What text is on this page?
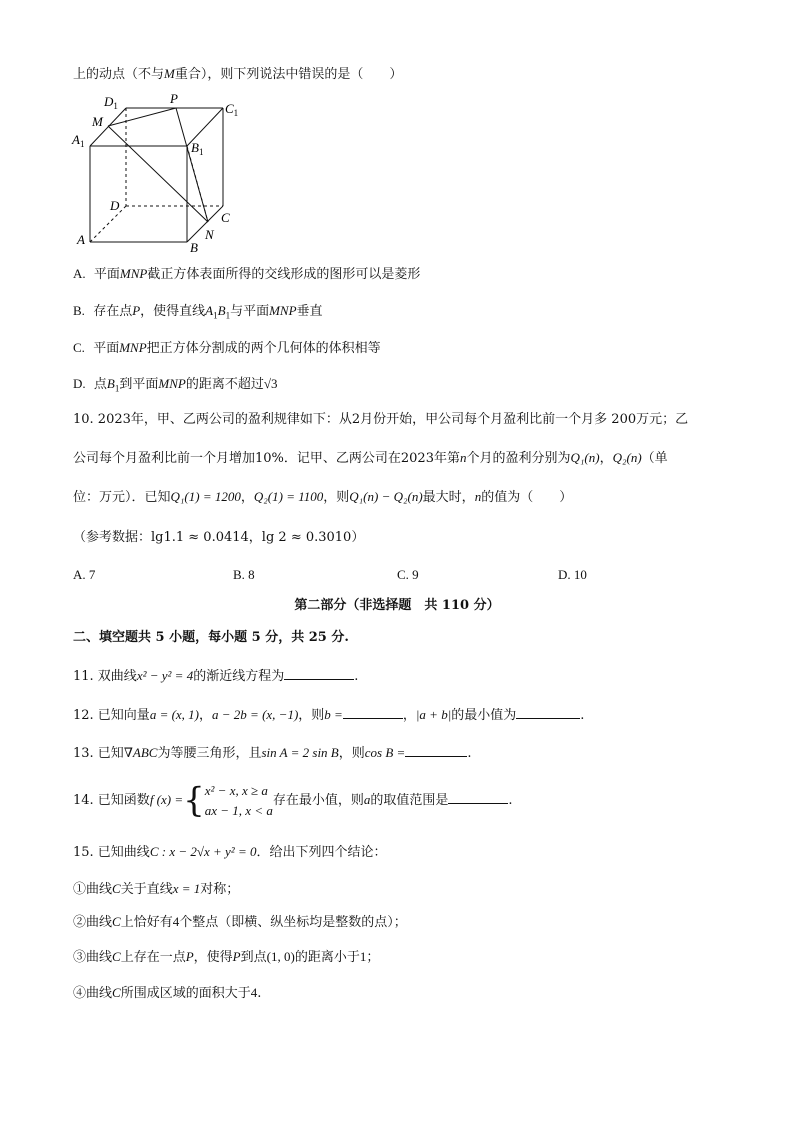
上的动点（不与M重合），则下列说法中错误的是（　　）
$D_1$	P
$C_1$
M
$A_1$	$B_1$
D
C
N
A
B
A. 平面MNP截正方体表面所得的交线形成的图形可以是菱形
B. 存在点P，使得直线$A_1B_1$与平面MNP垂直
C. 平面MNP把正方体分割成的两个几何体的体积相等
D. 点$B_1$到平面MNP的距离不超过√3
10. 2023年，甲、乙两公司的盈利规律如下：从2月份开始，甲公司每个月盈利比前一个月多 200万元；乙
公司每个月盈利比前一个月增加10%．记甲、乙两公司在2023年第n个月的盈利分别为Q₁(n)，Q₂(n)（单
位：万元）．已知Q₁(1) = 1200，Q₂(1) = 1100，则Q₁(n) − Q₂(n)最大时，n的值为（　　）
（参考数据：lg1.1 ≈ 0.0414，lg 2 ≈ 0.3010）
A. 7	B. 8	C. 9	D. 10
第二部分（非选择题　共 110 分）
二、填空题共 5 小题，每小题 5 分，共 25 分.
11. 双曲线x² − y² = 4的渐近线方程为	.
12. 已知向量a = (x, 1)，a − 2b = (x, −1)，则b =	，|a + b|的最小值为	.
13. 已知∇ABC为等腰三角形，且sin A = 2 sin B，则cos B =	.
14. 已知函数f (x) ={ x² − x, x ≥ a
ax − 1, x < a
存在最小值，则a的取值范围是	.
15. 已知曲线C : x − 2√x + y² = 0．给出下列四个结论：
①曲线C关于直线x = 1对称；
②曲线C上恰好有4个整点（即横、纵坐标均是整数的点）；
③曲线C上存在一点P，使得P到点(1, 0)的距离小于1；
④曲线C所围成区域的面积大于4.
